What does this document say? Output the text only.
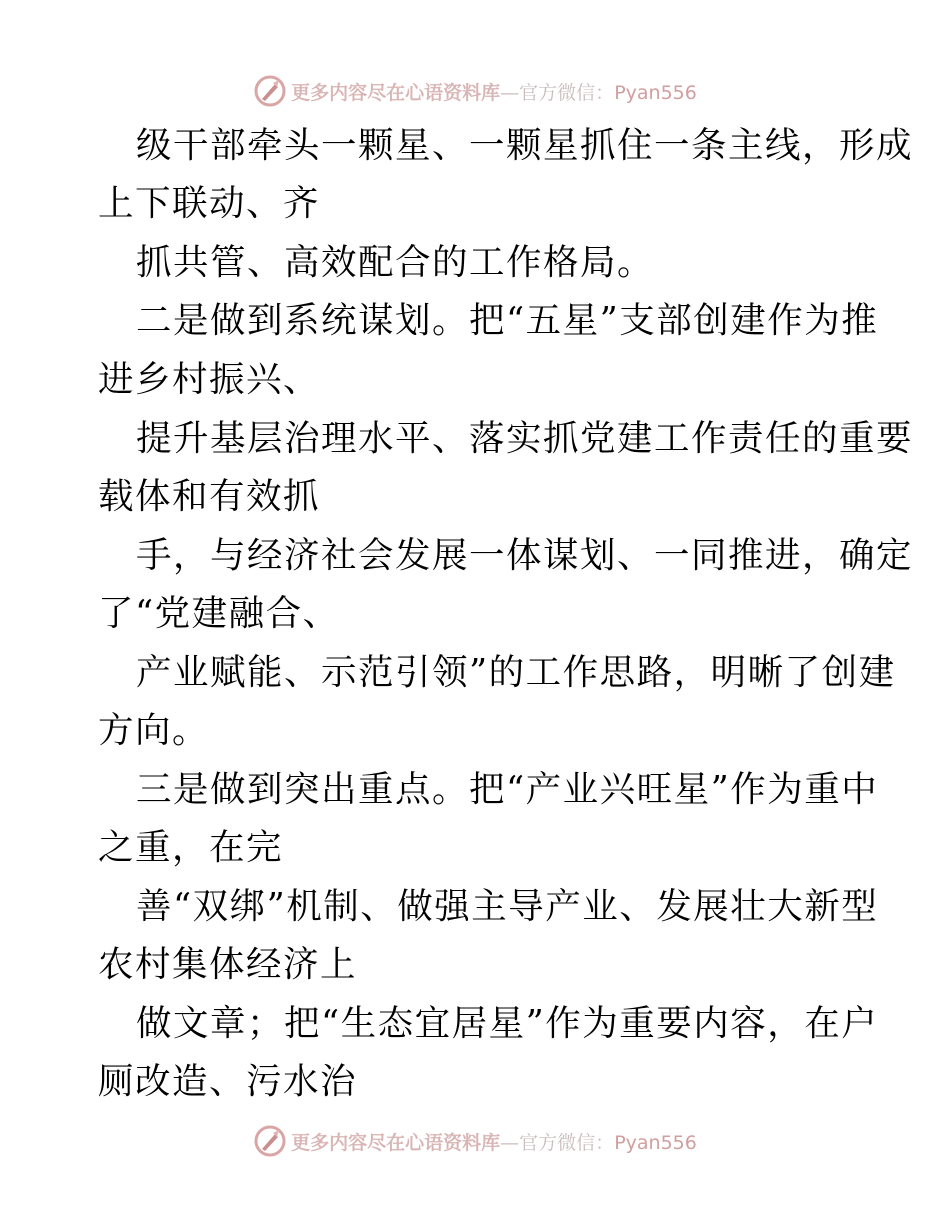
更多内容尽在心语资料库—官方微信：Pyan556
级干部牵头一颗星、一颗星抓住一条主线，形成
上下联动、齐
抓共管、高效配合的工作格局。
二是做到系统谋划。把“五星”支部创建作为推
进乡村振兴、
提升基层治理水平、落实抓党建工作责任的重要
载体和有效抓
手，与经济社会发展一体谋划、一同推进，确定
了“党建融合、
产业赋能、示范引领”的工作思路，明晰了创建
方向。
三是做到突出重点。把“产业兴旺星”作为重中
之重，在完
善“双绑”机制、做强主导产业、发展壮大新型
农村集体经济上
做文章；把“生态宜居星”作为重要内容，在户
厕改造、污水治
更多内容尽在心语资料库—官方微信：Pyan556
